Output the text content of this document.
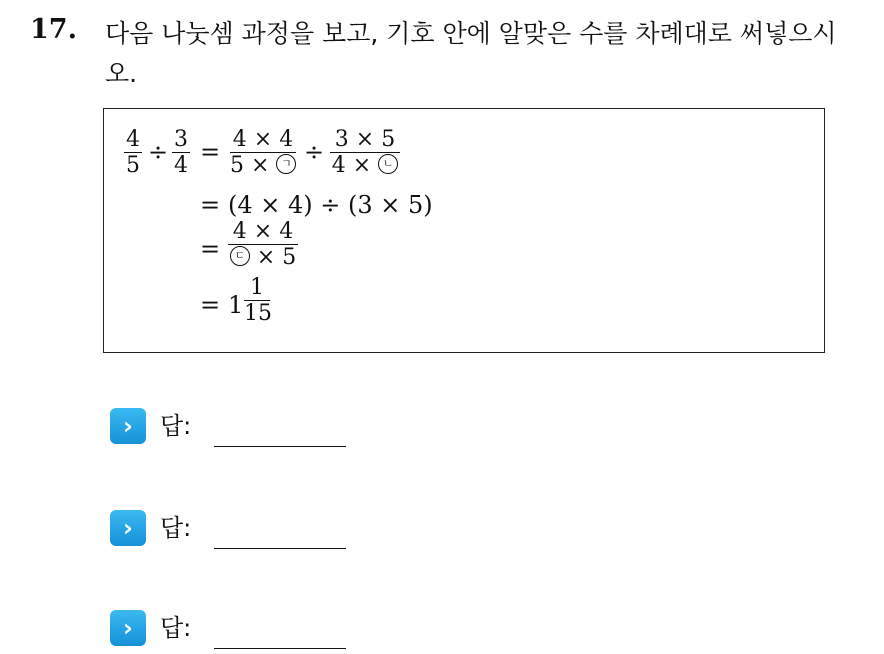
17. 다음 나눗셈 과정을 보고, 기호 안에 알맞은 수를 차례대로 써넣으시오.
4
5 ÷ 3
4 = 4 × 4
5 × ㄱ ÷ 3 × 5
4 × ㄴ
= (4 × 4) ÷ (3 × 5)
=
4 × 4
ㄷ × 5
= 1
1
15
›	답:
›	답:
›	답:
